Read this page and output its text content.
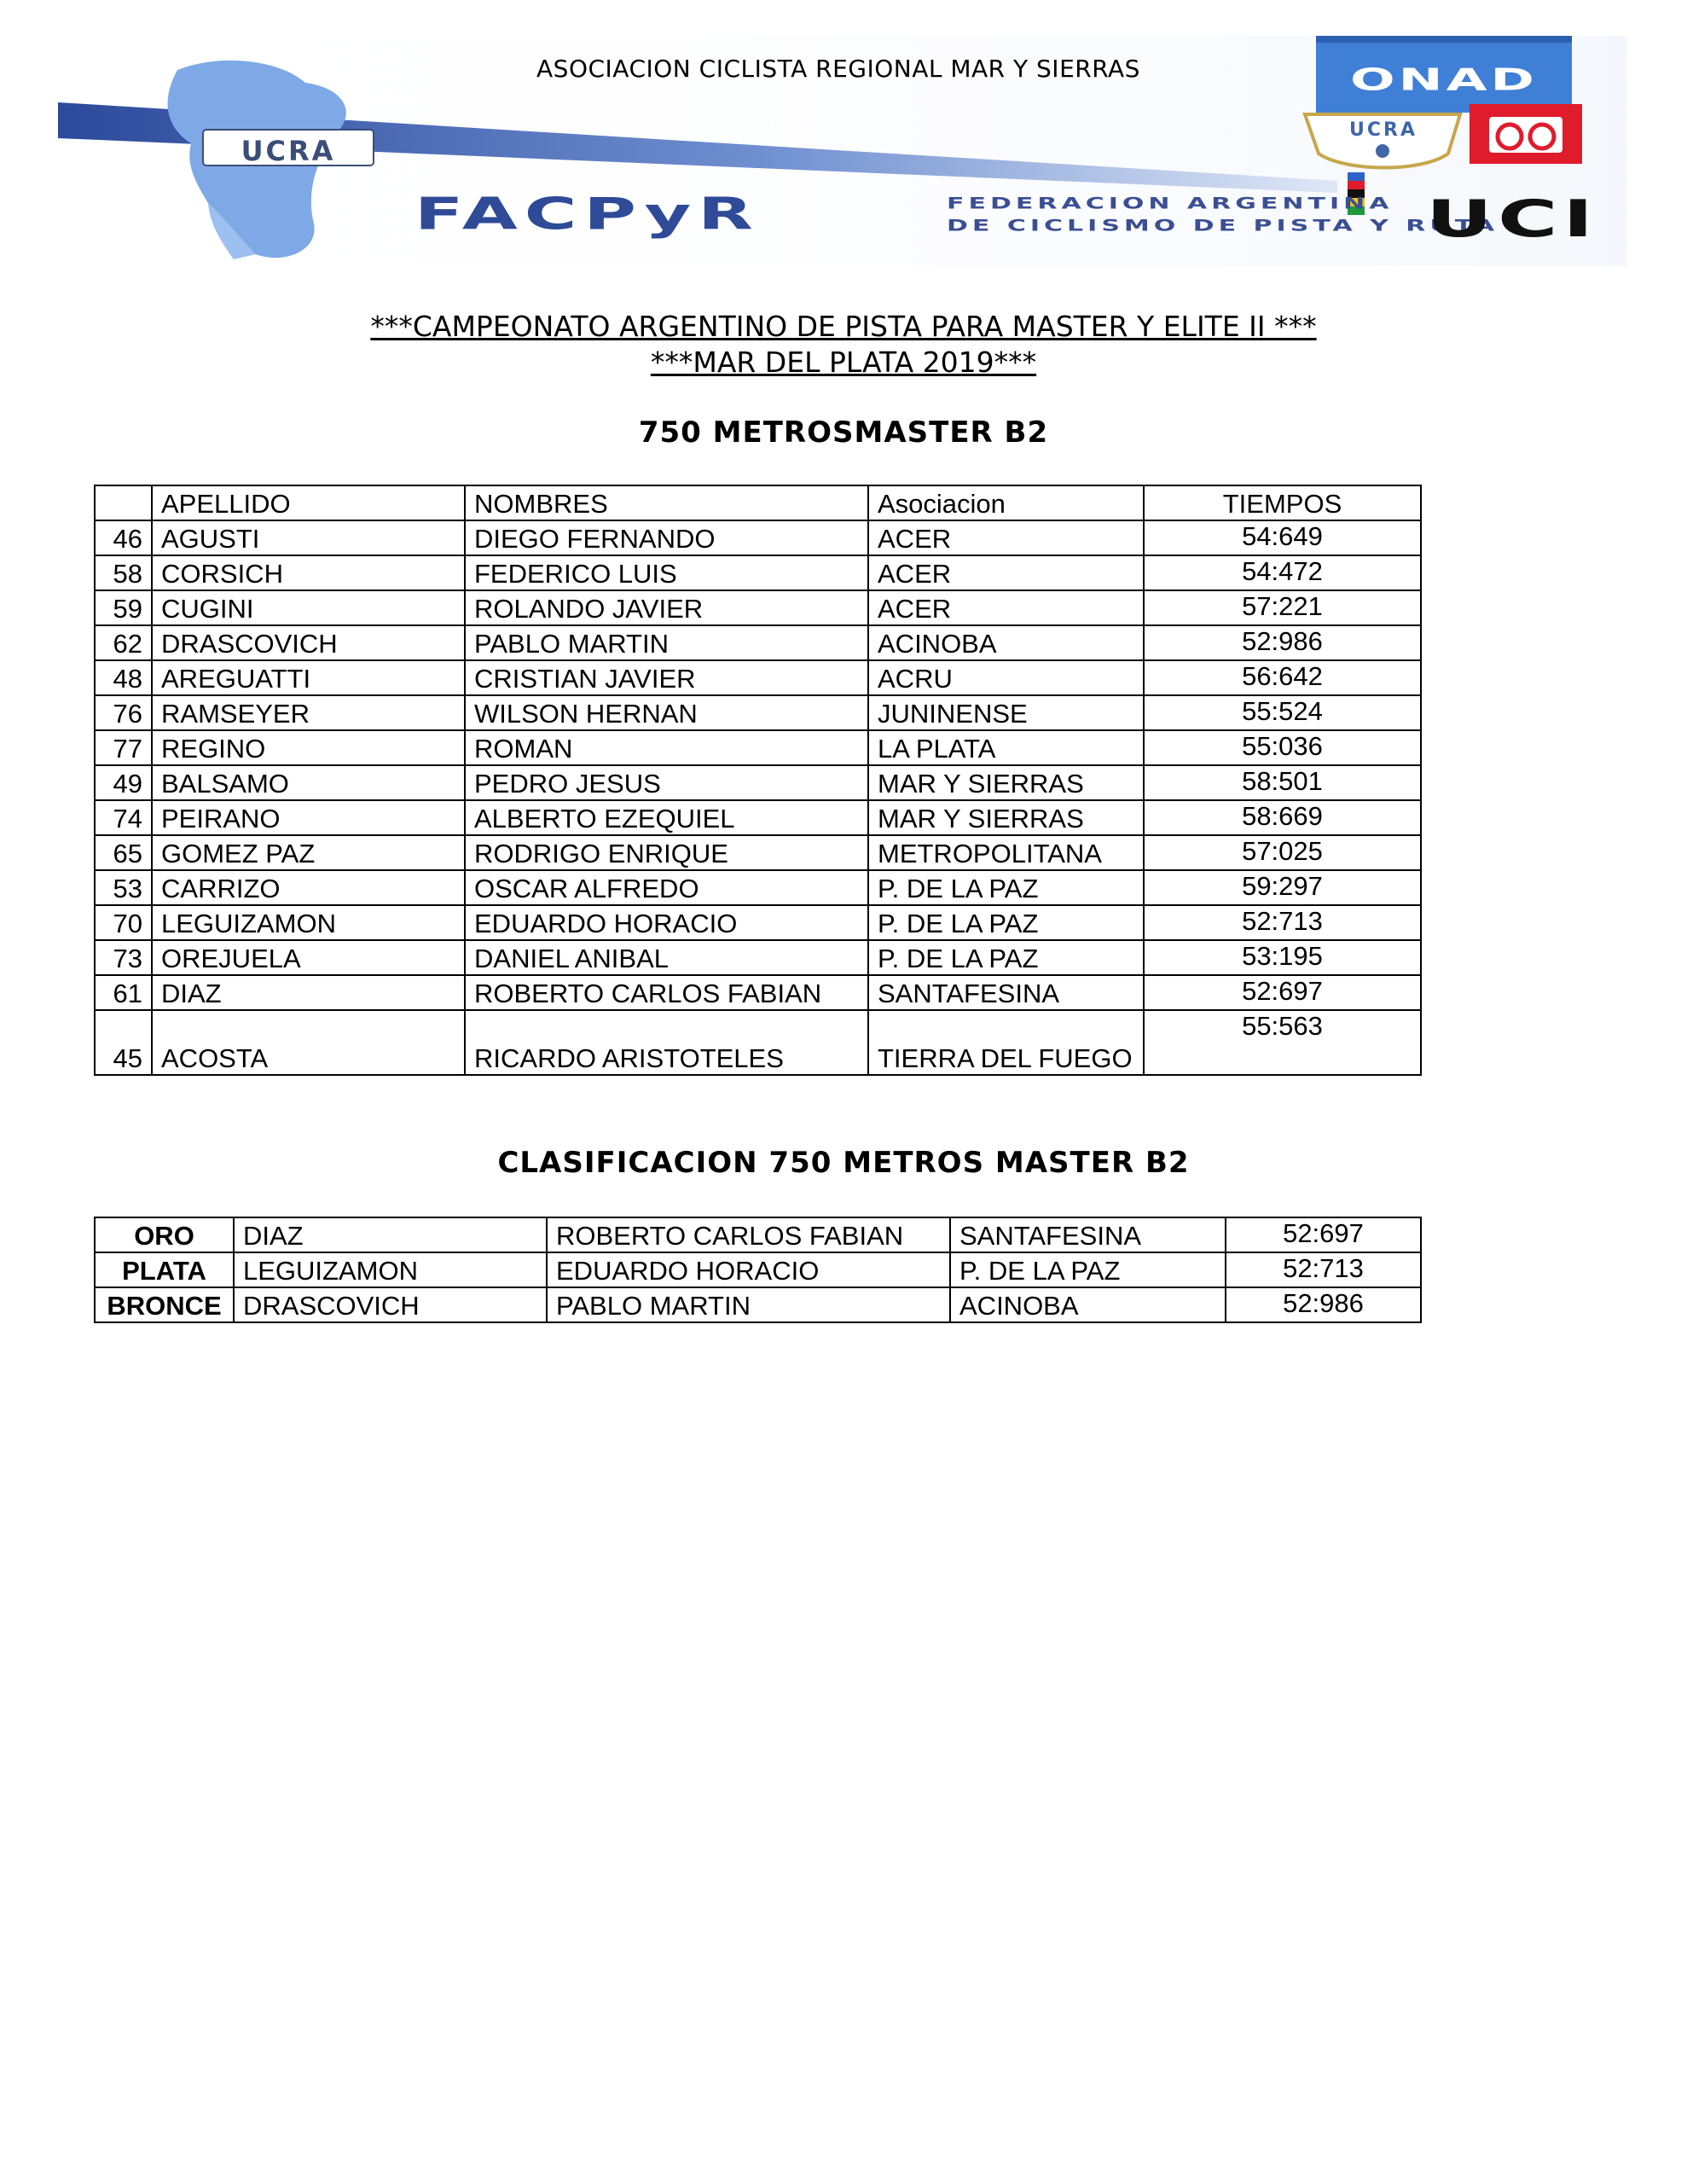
ASOCIACION CICLISTA REGIONAL MAR Y SIERRAS
UCRA
ONAD
UCRA
FACPyR	FEDERACION ARGENTINA
DE CICLISMO DE PISTA Y RUTA
UCI
***CAMPEONATO ARGENTINO DE PISTA PARA MASTER Y ELITE II ***
***MAR DEL PLATA 2019***
750 METROSMASTER B2
	APELLIDO	NOMBRES	Asociacion	TIEMPOS
46	AGUSTI	DIEGO FERNANDO	ACER	54:649
58	CORSICH	FEDERICO LUIS	ACER	54:472
59	CUGINI	ROLANDO JAVIER	ACER	57:221
62	DRASCOVICH	PABLO MARTIN	ACINOBA	52:986
48	AREGUATTI	CRISTIAN JAVIER	ACRU	56:642
76	RAMSEYER	WILSON HERNAN	JUNINENSE	55:524
77	REGINO	ROMAN	LA PLATA	55:036
49	BALSAMO	PEDRO JESUS	MAR Y SIERRAS	58:501
74	PEIRANO	ALBERTO EZEQUIEL	MAR Y SIERRAS	58:669
65	GOMEZ PAZ	RODRIGO ENRIQUE	METROPOLITANA	57:025
53	CARRIZO	OSCAR ALFREDO	P. DE LA PAZ	59:297
70	LEGUIZAMON	EDUARDO HORACIO	P. DE LA PAZ	52:713
73	OREJUELA	DANIEL ANIBAL	P. DE LA PAZ	53:195
61	DIAZ	ROBERTO CARLOS FABIAN	SANTAFESINA	52:697
45	ACOSTA	RICARDO ARISTOTELES	TIERRA DEL FUEGO	55:563
CLASIFICACION 750 METROS MASTER B2
ORO	DIAZ	ROBERTO CARLOS FABIAN	SANTAFESINA	52:697
PLATA	LEGUIZAMON	EDUARDO HORACIO	P. DE LA PAZ	52:713
BRONCE	DRASCOVICH	PABLO MARTIN	ACINOBA	52:986
